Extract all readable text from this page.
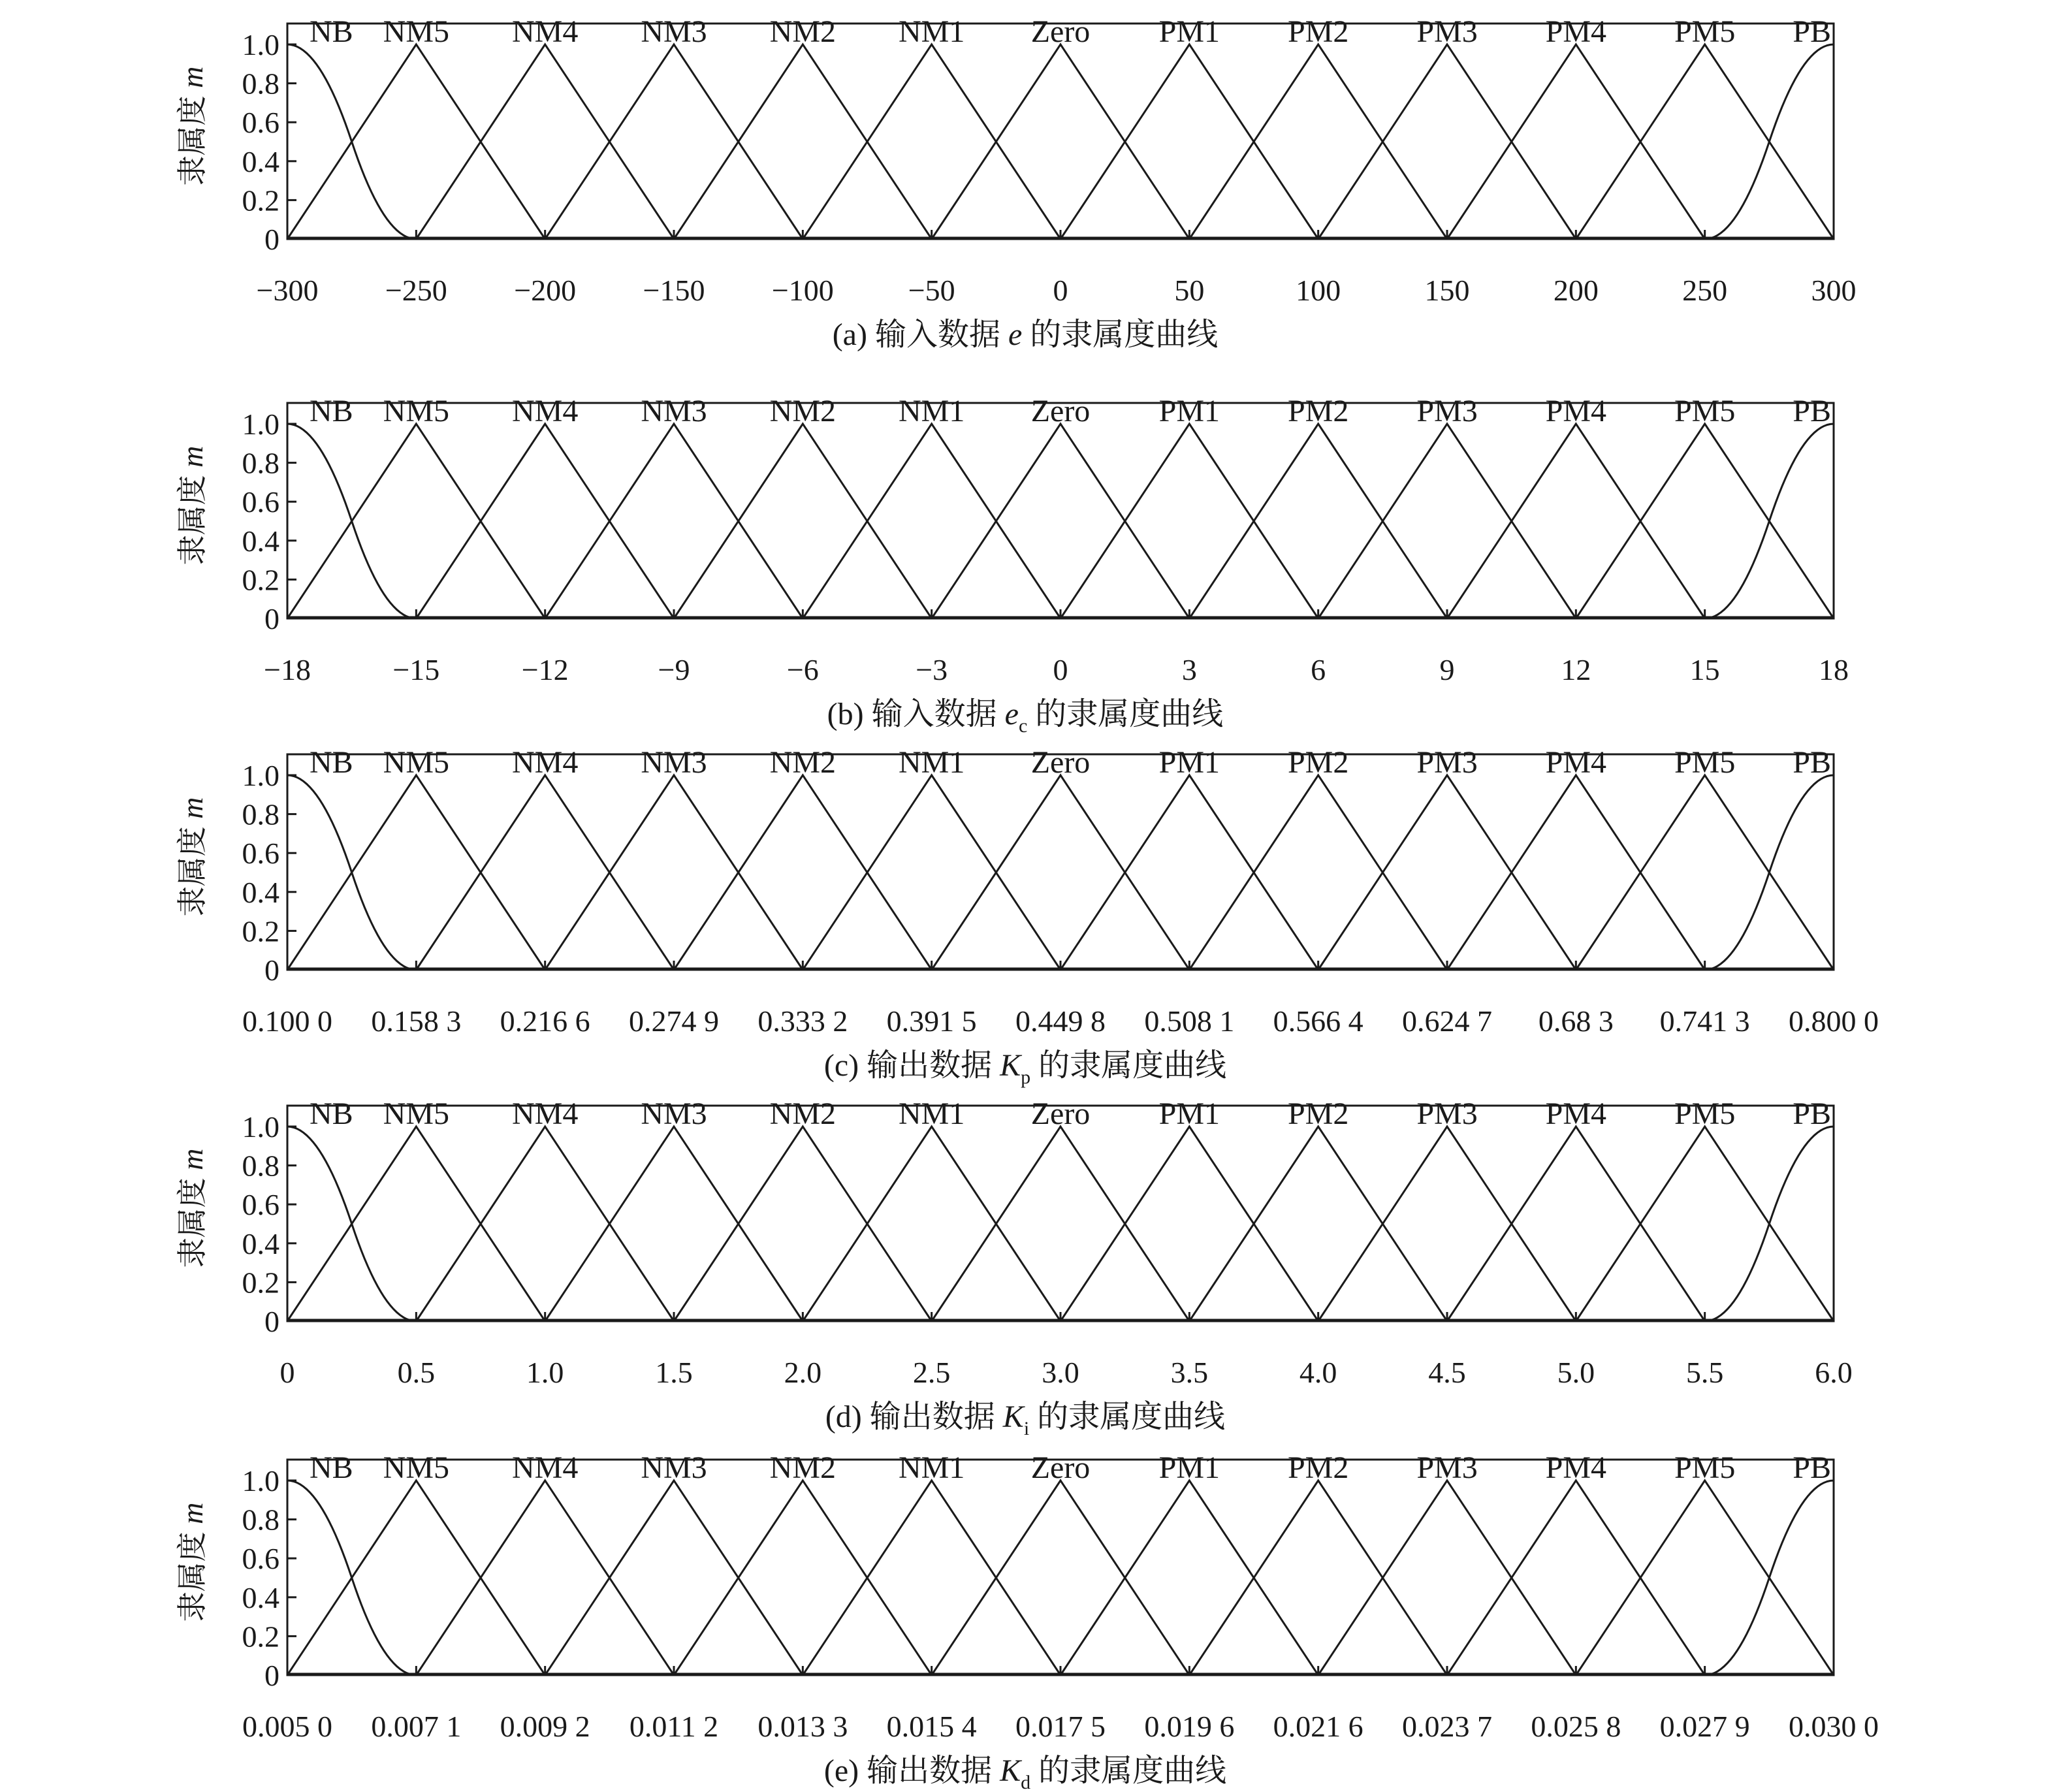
NB NM5 NM4 NM3 NM2 NM1 Zero PM1 PM2 PM3 PM4 PM5 PB
1.0
0.8
0.6
0.4
0.2
0
隶属度 m
−300 −250 −200 −150 −100 −50	0	50	100	150	200	250	300
(a) 输入数据 e 的隶属度曲线
NB NM5 NM4 NM3 NM2 NM1 Zero PM1 PM2 PM3 PM4 PM5 PB
1.0
0.8
0.6
0.4
0.2
0
隶属度 m
−18	−15	−12	−9	−6	−3	0	3	6	9	12	15	18
(b) 输入数据 $e_c$ 的隶属度曲线
NB NM5 NM4 NM3 NM2 NM1 Zero PM1 PM2 PM3 PM4 PM5 PB
1.0
0.8
0.6
0.4
0.2
0
隶属度 m
0.100 0 0.158 3 0.216 6 0.274 9 0.333 2 0.391 5 0.449 8 0.508 1 0.566 4 0.624 7 0.68 3 0.741 3 0.800 0
(c) 输出数据 $K_p$ 的隶属度曲线
NB NM5 NM4 NM3 NM2 NM1 Zero PM1 PM2 PM3 PM4 PM5 PB
1.0
0.8
0.6
0.4
0.2
0
隶属度 m
0	0.5	1.0	1.5	2.0	2.5	3.0	3.5	4.0	4.5	5.0	5.5	6.0
(d) 输出数据 $K_i$ 的隶属度曲线
NB NM5 NM4 NM3 NM2 NM1 Zero PM1 PM2 PM3 PM4 PM5 PB
1.0
0.8
0.6
0.4
0.2
0
隶属度 m
0.005 0 0.007 1 0.009 2 0.011 2 0.013 3 0.015 4 0.017 5 0.019 6 0.021 6 0.023 7 0.025 8 0.027 9 0.030 0
(e) 输出数据 $K_d$ 的隶属度曲线
